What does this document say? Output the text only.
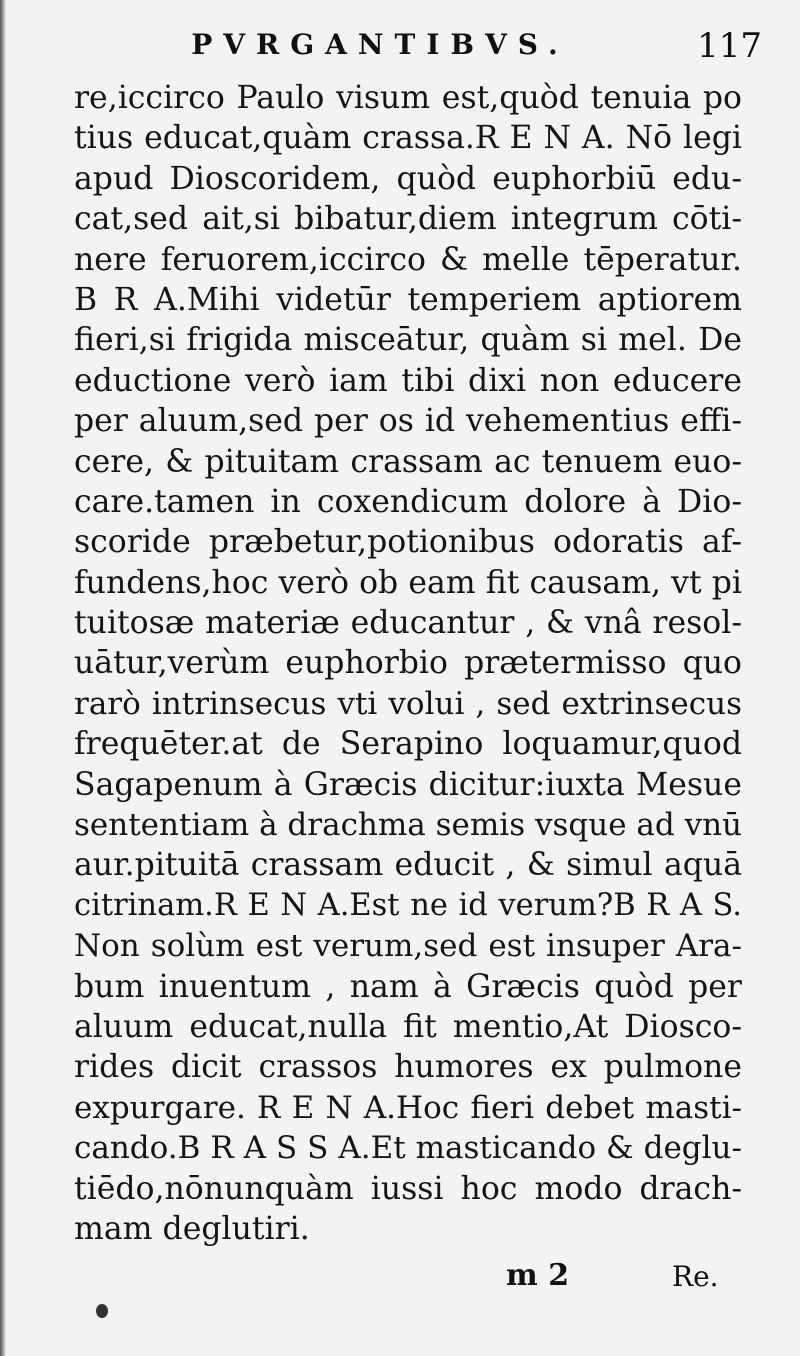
PVRGANTIBVS.	117
re,iccirco Paulo visum est,quòd tenuia po
tius educat,quàm crassa.R E N A. Nō legi
apud Dioscoridem, quòd euphorbiū edu-
cat,sed ait,si bibatur,diem integrum cōti-
nere feruorem,iccirco & melle tēperatur.
B R A.Mihi videtūr temperiem aptiorem
fieri,si frigida misceātur, quàm si mel. De
eductione verò iam tibi dixi non educere
per aluum,sed per os id vehementius effi-
cere, & pituitam crassam ac tenuem euo-
care.tamen in coxendicum dolore à Dio-
scoride præbetur,potionibus odoratis af-
fundens,hoc verò ob eam fit causam, vt pi
tuitosæ materiæ educantur , & vnâ resol-
uātur,verùm euphorbio prætermisso quo
rarò intrinsecus vti volui , sed extrinsecus
frequēter.at de Serapino loquamur,quod
Sagapenum à Græcis dicitur:iuxta Mesue
sententiam à drachma semis vsque ad vnū
aur.pituitā crassam educit , & simul aquā
citrinam.R E N A.Est ne id verum?B R A S.
Non solùm est verum,sed est insuper Ara-
bum inuentum , nam à Græcis quòd per
aluum educat,nulla fit mentio,At Diosco-
rides dicit crassos humores ex pulmone
expurgare. R E N A.Hoc fieri debet masti-
cando.B R A S S A.Et masticando & deglu-
tiēdo,nōnunquàm iussi hoc modo drach-
mam deglutiri.
m 2	Re.
